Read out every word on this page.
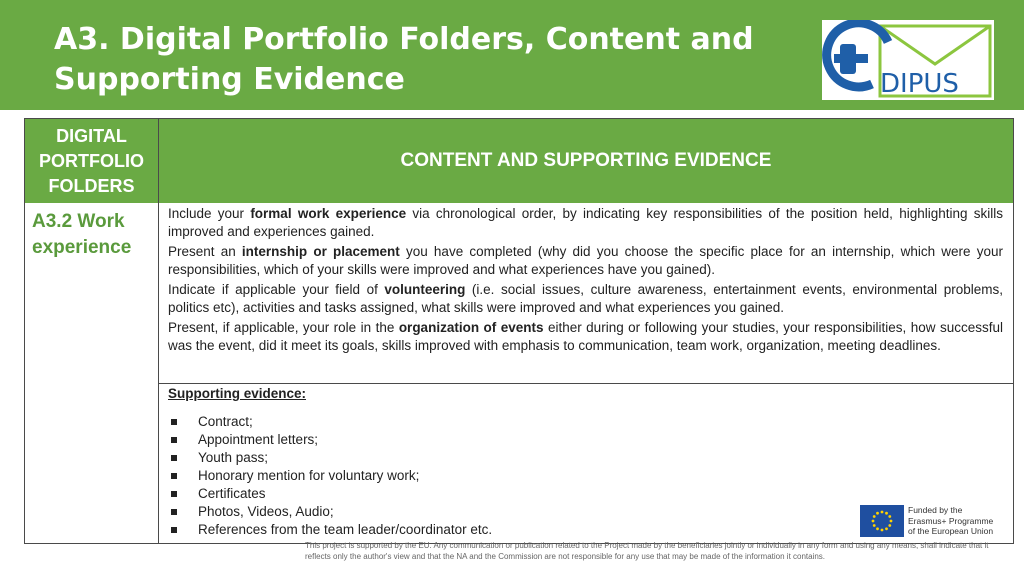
A3. Digital Portfolio Folders, Content and
Supporting Evidence	DIPUS
DIGITAL
PORTFOLIO
FOLDERS
CONTENT AND SUPPORTING EVIDENCE
A3.2 Work
experience

Include your formal work experience via chronological order, by indicating key responsibilities of the position held, highlighting skills improved and experiences gained.

Present an internship or placement you have completed (why did you choose the specific place for an internship, which were your responsibilities, which of your skills were improved and what experiences have you gained).

Indicate if applicable your field of volunteering (i.e. social issues, culture awareness, entertainment events, environmental problems, politics etc), activities and tasks assigned, what skills were improved and what experiences you gained.

Present, if applicable, your role in the organization of events either during or following your studies, your responsibilities, how successful was the event, did it meet its goals, skills improved with emphasis to communication, team work, organization, meeting deadlines.

Supporting evidence:
Contract;
Appointment letters;
Youth pass;
Honorary mention for voluntary work;
Certificates
Photos, Videos, Audio;
References from the team leader/coordinator etc.
Funded by the
Erasmus+ Programme
of the European Union
This project is supported by the EU. Any communication or publication related to the Project made by the beneficiaries jointly or individually in any form and using any means, shall indicate that it reflects only the author's view and that the NA and the Commission are not responsible for any use that may be made of the information it contains.
